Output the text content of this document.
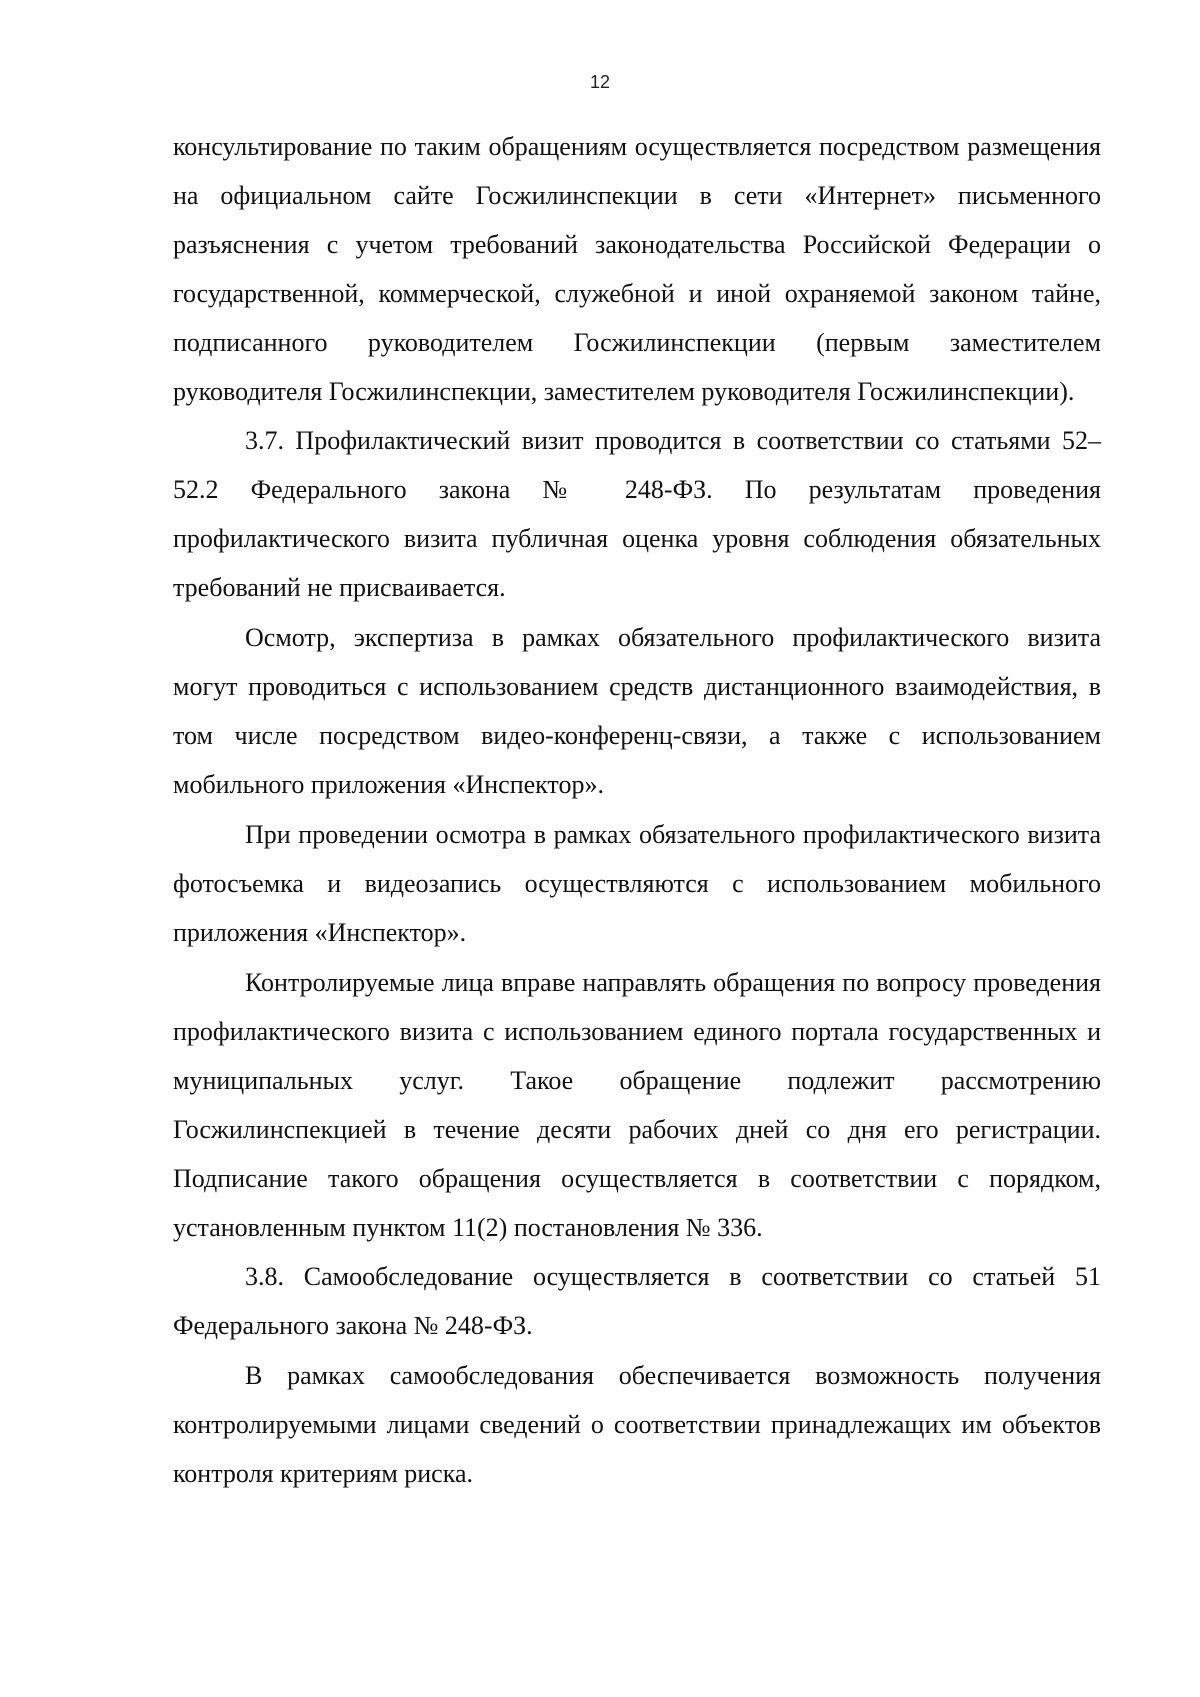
12

консультирование по таким обращениям осуществляется посредством размещения на официальном сайте Госжилинспекции в сети «Интернет» письменного разъяснения с учетом требований законодательства Российской Федерации о государственной, коммерческой, служебной и иной охраняемой законом тайне, подписанного руководителем Госжилинспекции (первым заместителем руководителя Госжилинспекции, заместителем руководителя Госжилинспекции).

3.7. Профилактический визит проводится в соответствии со статьями 52–52.2 Федерального закона № 248-ФЗ. По результатам проведения профилактического визита публичная оценка уровня соблюдения обязательных требований не присваивается.

Осмотр, экспертиза в рамках обязательного профилактического визита могут проводиться с использованием средств дистанционного взаимодействия, в том числе посредством видео-конференц-связи, а также с использованием мобильного приложения «Инспектор».

При проведении осмотра в рамках обязательного профилактического визита фотосъемка и видеозапись осуществляются с использованием мобильного приложения «Инспектор».

Контролируемые лица вправе направлять обращения по вопросу проведения профилактического визита с использованием единого портала государственных и муниципальных услуг. Такое обращение подлежит рассмотрению Госжилинспекцией в течение десяти рабочих дней со дня его регистрации. Подписание такого обращения осуществляется в соответствии с порядком, установленным пунктом 11(2) постановления № 336.

3.8. Самообследование осуществляется в соответствии со статьей 51 Федерального закона № 248-ФЗ.

В рамках самообследования обеспечивается возможность получения контролируемыми лицами сведений о соответствии принадлежащих им объектов контроля критериям риска.
